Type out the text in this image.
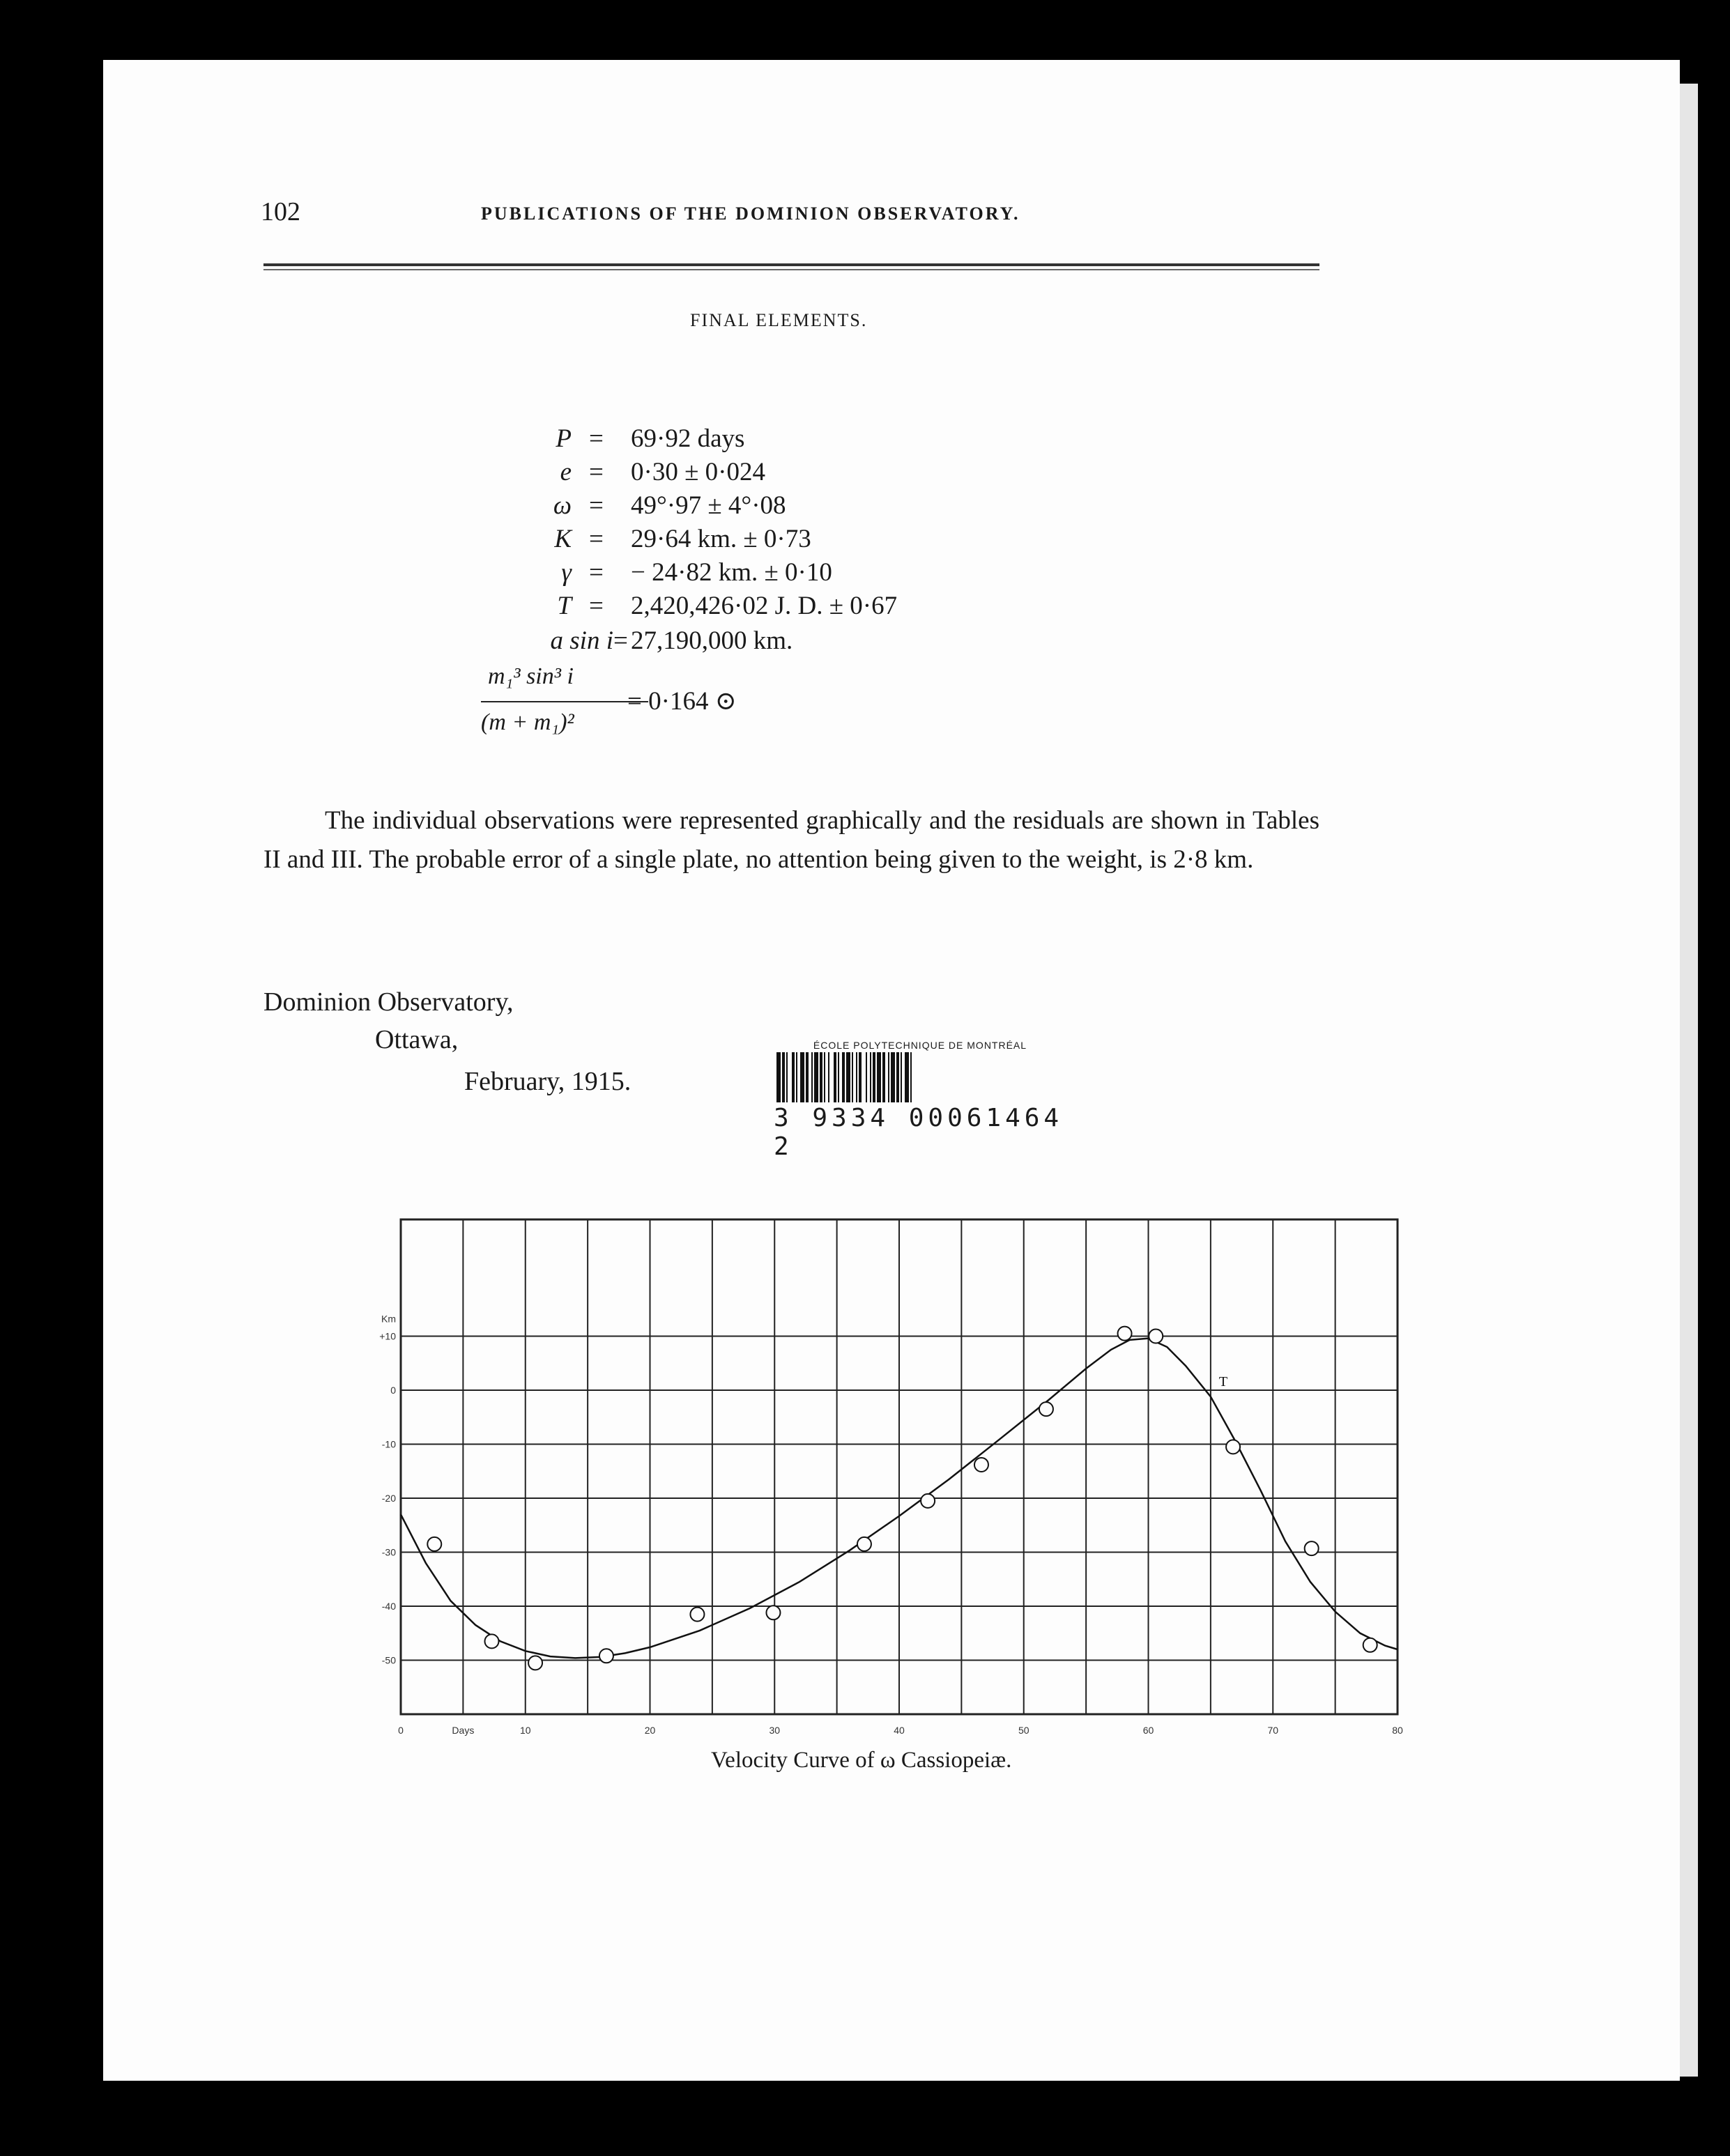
102	PUBLICATIONS OF THE DOMINION OBSERVATORY.
FINAL ELEMENTS.
P = 69·92 days
e = 0·30 ± 0·024
ω = 49°·97 ± 4°·08
K = 29·64 km. ± 0·73
γ = − 24·82 km. ± 0·10
T = 2,420,426·02 J. D. ± 0·67
a sin i = 27,190,000 km.
m₁³ sin³ i
(m + m₁)²
= 0·164 ⊙

The individual observations were represented graphically and the residuals are shown in Tables II and III. The probable error of a single plate, no attention being given to the weight, is 2·8 km.

Dominion Observatory,
Ottawa,
February, 1915.
ÉCOLE POLYTECHNIQUE DE MONTRÉAL
3 9334 00061464 2
+10
0
-10
-20
-30
-40
-50
Km
0	10	20	30	40	50	60	70	80
Days
T
Velocity Curve of ω Cassiopeiæ.
